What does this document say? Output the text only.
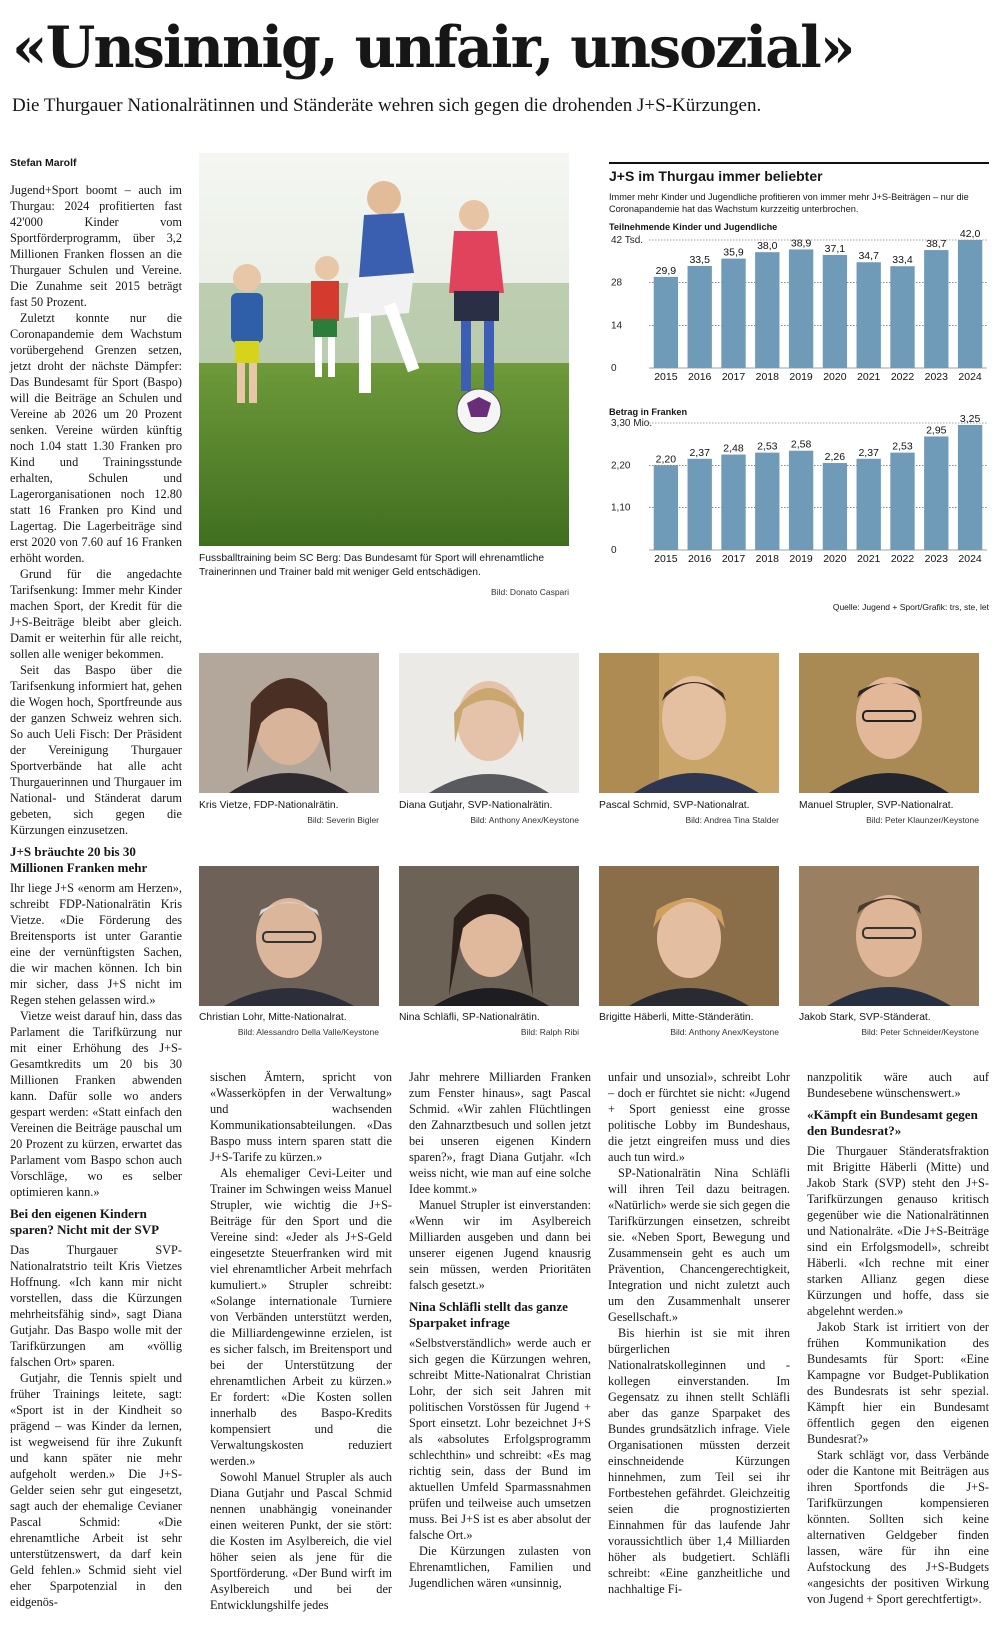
«Unsinnig, unfair, unsozial»
Die Thurgauer Nationalrätinnen und Ständeräte wehren sich gegen die drohenden J+S-Kürzungen.
Stefan Marolf

Jugend+Sport boomt – auch im Thurgau: 2024 profitierten fast 42'000 Kinder vom Sportförderprogramm, über 3,2 Millionen Franken flossen an die Thurgauer Schulen und Vereine. Die Zunahme seit 2015 beträgt fast 50 Prozent.

Zuletzt konnte nur die Coronapandemie dem Wachstum vorübergehend Grenzen setzen, jetzt droht der nächste Dämpfer: Das Bundesamt für Sport (Baspo) will die Beiträge an Schulen und Vereine ab 2026 um 20 Prozent senken. Vereine würden künftig noch 1.04 statt 1.30 Franken pro Kind und Trainingsstunde erhalten, Schulen und Lagerorganisationen noch 12.80 statt 16 Franken pro Kind und Lagertag. Die Lagerbeiträge sind erst 2020 von 7.60 auf 16 Franken erhöht worden.

Grund für die angedachte Tarifsenkung: Immer mehr Kinder machen Sport, der Kredit für die J+S-Beiträge bleibt aber gleich. Damit er weiterhin für alle reicht, sollen alle weniger bekommen.

Seit das Baspo über die Tarifsenkung informiert hat, gehen die Wogen hoch, Sportfreunde aus der ganzen Schweiz wehren sich. So auch Ueli Fisch: Der Präsident der Vereinigung Thurgauer Sportverbände hat alle acht Thurgauerinnen und Thurgauer im National- und Ständerat darum gebeten, sich gegen die Kürzungen einzusetzen.

J+S bräuchte 20 bis 30 Millionen Franken mehr

Ihr liege J+S «enorm am Herzen», schreibt FDP-Nationalrätin Kris Vietze. «Die Förderung des Breitensports ist unter Garantie eine der vernünftigsten Sachen, die wir machen können. Ich bin mir sicher, dass J+S nicht im Regen stehen gelassen wird.»

Vietze weist darauf hin, dass das Parlament die Tarifkürzung nur mit einer Erhöhung des J+S-Gesamtkredits um 20 bis 30 Millionen Franken abwenden kann. Dafür solle wo anders gespart werden: «Statt einfach den Vereinen die Beiträge pauschal um 20 Prozent zu kürzen, erwartet das Parlament vom Baspo schon auch Vorschläge, wo es selber optimieren kann.»

Bei den eigenen Kindern sparen? Nicht mit der SVP

Das Thurgauer SVP-Nationalratstrio teilt Kris Vietzes Hoffnung. «Ich kann mir nicht vorstellen, dass die Kürzungen mehrheitsfähig sind», sagt Diana Gutjahr. Das Baspo wolle mit der Tarifkürzungen am «völlig falschen Ort» sparen.

Gutjahr, die Tennis spielt und früher Trainings leitete, sagt: «Sport ist in der Kindheit so prägend – was Kinder da lernen, ist wegweisend für ihre Zukunft und kann später nie mehr aufgeholt werden.» Die J+S-Gelder seien sehr gut eingesetzt, sagt auch der ehemalige Cevianer Pascal Schmid: «Die ehrenamtliche Arbeit ist sehr unterstützenswert, da darf kein Geld fehlen.» Schmid sieht viel eher Sparpotenzial in den eidgenös-

Fussballtraining beim SC Berg: Das Bundesamt für Sport will ehrenamtliche Trainerinnen und Trainer bald mit weniger Geld entschädigen.
Bild: Donato Caspari
J+S im Thurgau immer beliebter
Immer mehr Kinder und Jugendliche profitieren von immer mehr J+S-Beiträgen – nur die Coronapandemie hat das Wachstum kurzzeitig unterbrochen.
Teilnehmende Kinder und Jugendliche
Betrag in Franken
0
14
28
42 Tsd.
29,9
2015
33,5
2016
35,9
2017
38,0
2018
38,9
2019
37,1
2020
34,7
2021
33,4
2022
38,7
2023
42,0
2024
0
1,10
2,20
3,30 Mio.
2,20
2015
2,37
2016
2,48
2017
2,53
2018
2,58
2019
2,26
2020
2,37
2021
2,53
2022
2,95
2023
3,25
2024
Quelle: Jugend + Sport/Grafik: trs, ste, let
Kris Vietze, FDP-Nationalrätin.
Bild: Severin Bigler
Diana Gutjahr, SVP-Nationalrätin.
Bild: Anthony Anex/Keystone
Pascal Schmid, SVP-Nationalrat.
Bild: Andrea Tina Stalder
Manuel Strupler, SVP-Nationalrat.
Bild: Peter Klaunzer/Keystone
Christian Lohr, Mitte-Nationalrat.
Bild: Alessandro Della Valle/Keystone
Nina Schläfli, SP-Nationalrätin.
Bild: Ralph Ribi
Brigitte Häberli, Mitte-Ständerätin.
Bild: Anthony Anex/Keystone
Jakob Stark, SVP-Ständerat.
Bild: Peter Schneider/Keystone

sischen Ämtern, spricht von «Wasserköpfen in der Verwaltung» und wachsenden Kommunikationsabteilungen. «Das Baspo muss intern sparen statt die J+S-Tarife zu kürzen.»

Als ehemaliger Cevi-Leiter und Trainer im Schwingen weiss Manuel Strupler, wie wichtig die J+S-Beiträge für den Sport und die Vereine sind: «Jeder als J+S-Geld eingesetzte Steuerfranken wird mit viel ehrenamtlicher Arbeit mehrfach kumuliert.» Strupler schreibt: «Solange internationale Turniere von Verbänden unterstützt werden, die Milliardengewinne erzielen, ist es sicher falsch, im Breitensport und bei der Unterstützung der ehrenamtlichen Arbeit zu kürzen.» Er fordert: «Die Kosten sollen innerhalb des Baspo-Kredits kompensiert und die Verwaltungskosten reduziert werden.»

Sowohl Manuel Strupler als auch Diana Gutjahr und Pascal Schmid nennen unabhängig voneinander einen weiteren Punkt, der sie stört: die Kosten im Asylbereich, die viel höher seien als jene für die Sportförderung. «Der Bund wirft im Asylbereich und bei der Entwicklungshilfe jedes

Jahr mehrere Milliarden Franken zum Fenster hinaus», sagt Pascal Schmid. «Wir zahlen Flüchtlingen den Zahnarztbesuch und sollen jetzt bei unseren eigenen Kindern sparen?», fragt Diana Gutjahr. «Ich weiss nicht, wie man auf eine solche Idee kommt.»

Manuel Strupler ist einverstanden: «Wenn wir im Asylbereich Milliarden ausgeben und dann bei unserer eigenen Jugend knausrig sein müssen, werden Prioritäten falsch gesetzt.»

Nina Schläfli stellt das ganze Sparpaket infrage

«Selbstverständlich» werde auch er sich gegen die Kürzungen wehren, schreibt Mitte-Nationalrat Christian Lohr, der sich seit Jahren mit politischen Vorstössen für Jugend + Sport einsetzt. Lohr bezeichnet J+S als «absolutes Erfolgsprogramm schlechthin» und schreibt: «Es mag richtig sein, dass der Bund im aktuellen Umfeld Sparmassnahmen prüfen und teilweise auch umsetzen muss. Bei J+S ist es aber absolut der falsche Ort.»

Die Kürzungen zulasten von Ehrenamtlichen, Familien und Jugendlichen wären «unsinnig,

unfair und unsozial», schreibt Lohr – doch er fürchtet sie nicht: «Jugend + Sport geniesst eine grosse politische Lobby im Bundeshaus, die jetzt eingreifen muss und dies auch tun wird.»

SP-Nationalrätin Nina Schläfli will ihren Teil dazu beitragen. «Natürlich» werde sie sich gegen die Tarifkürzungen einsetzen, schreibt sie. «Neben Sport, Bewegung und Zusammensein geht es auch um Prävention, Chancengerechtigkeit, Integration und nicht zuletzt auch um den Zusammenhalt unserer Gesellschaft.»

Bis hierhin ist sie mit ihren bürgerlichen Nationalratskolleginnen und -kollegen einverstanden. Im Gegensatz zu ihnen stellt Schläfli aber das ganze Sparpaket des Bundes grundsätzlich infrage. Viele Organisationen müssten derzeit einschneidende Kürzungen hinnehmen, zum Teil sei ihr Fortbestehen gefährdet. Gleichzeitig seien die prognostizierten Einnahmen für das laufende Jahr voraussichtlich über 1,4 Milliarden höher als budgetiert. Schläfli schreibt: «Eine ganzheitliche und nachhaltige Fi-

nanzpolitik wäre auch auf Bundesebene wünschenswert.»

«Kämpft ein Bundesamt gegen den Bundesrat?»

Die Thurgauer Ständeratsfraktion mit Brigitte Häberli (Mitte) und Jakob Stark (SVP) steht den J+S-Tarifkürzungen genauso kritisch gegenüber wie die Nationalrätinnen und Nationalräte. «Die J+S-Beiträge sind ein Erfolgsmodell», schreibt Häberli. «Ich rechne mit einer starken Allianz gegen diese Kürzungen und hoffe, dass sie abgelehnt werden.»

Jakob Stark ist irritiert von der frühen Kommunikation des Bundesamts für Sport: «Eine Kampagne vor Budget-Publikation des Bundesrats ist sehr spezial. Kämpft hier ein Bundesamt öffentlich gegen den eigenen Bundesrat?»

Stark schlägt vor, dass Verbände oder die Kantone mit Beiträgen aus ihren Sportfonds die J+S-Tarifkürzungen kompensieren könnten. Sollten sich keine alternativen Geldgeber finden lassen, wäre für ihn eine Aufstockung des J+S-Budgets «angesichts der positiven Wirkung von Jugend + Sport gerechtfertigt».
